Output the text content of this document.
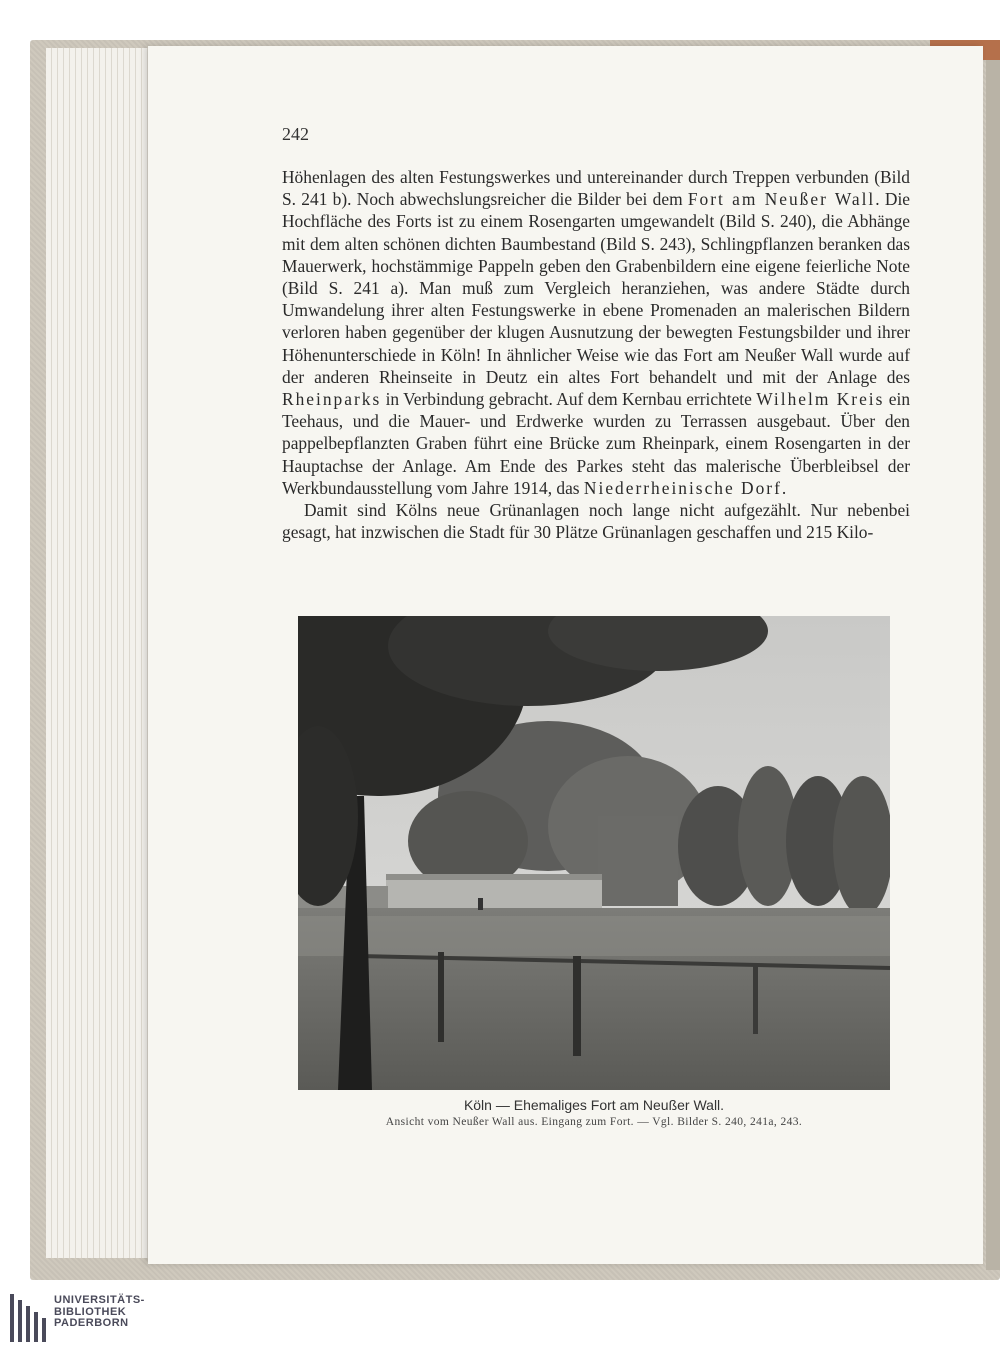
242

Höhenlagen des alten Festungswerkes und untereinander durch Treppen verbunden (Bild S. 241 b). Noch abwechslungsreicher die Bilder bei dem Fort am Neußer Wall. Die Hochfläche des Forts ist zu einem Rosengarten umgewandelt (Bild S. 240), die Abhänge mit dem alten schönen dichten Baumbestand (Bild S. 243), Schlingpflanzen beranken das Mauerwerk, hochstämmige Pappeln geben den Grabenbildern eine eigene feierliche Note (Bild S. 241 a). Man muß zum Vergleich heranziehen, was andere Städte durch Umwandelung ihrer alten Festungswerke in ebene Promenaden an malerischen Bildern verloren haben gegenüber der klugen Ausnutzung der bewegten Festungsbilder und ihrer Höhenunterschiede in Köln! In ähnlicher Weise wie das Fort am Neußer Wall wurde auf der anderen Rheinseite in Deutz ein altes Fort behandelt und mit der Anlage des Rheinparks in Verbindung gebracht. Auf dem Kernbau errichtete Wilhelm Kreis ein Teehaus, und die Mauer- und Erdwerke wurden zu Terrassen ausgebaut. Über den pappelbepflanzten Graben führt eine Brücke zum Rheinpark, einem Rosengarten in der Hauptachse der Anlage. Am Ende des Parkes steht das malerische Überbleibsel der Werkbundausstellung vom Jahre 1914, das Niederrheinische Dorf.

Damit sind Kölns neue Grünanlagen noch lange nicht aufgezählt. Nur nebenbei gesagt, hat inzwischen die Stadt für 30 Plätze Grünanlagen geschaffen und 215 Kilo-

Köln — Ehemaliges Fort am Neußer Wall.
Ansicht vom Neußer Wall aus. Eingang zum Fort. — Vgl. Bilder S. 240, 241a, 243.
UNIVERSITÄTS-
BIBLIOTHEK
PADERBORN
